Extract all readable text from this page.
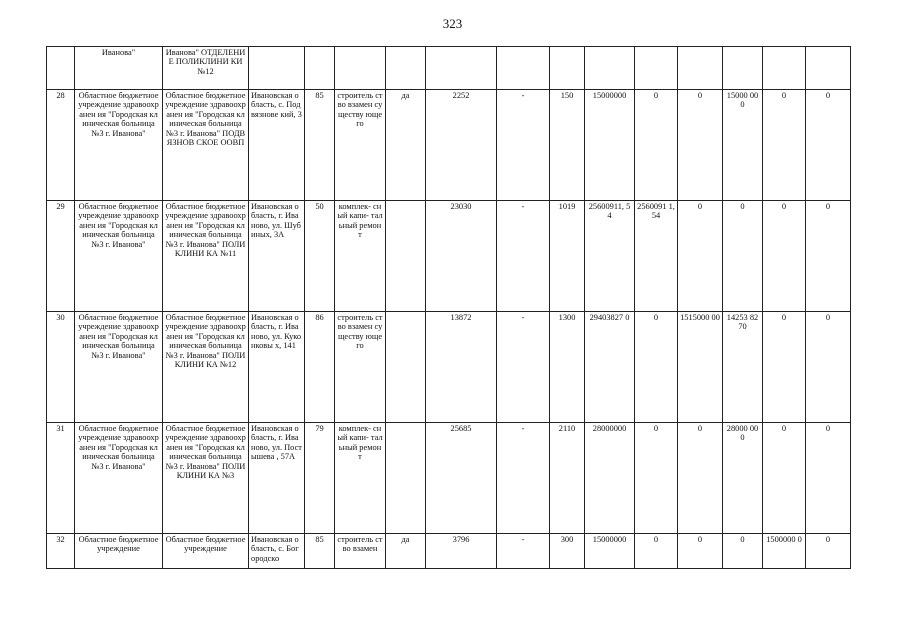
323
	Иванова"	Иванова" ОТДЕЛЕНИЕ ПОЛИКЛИНИ КИ №12													
28	Областное бюджетное учреждение здравоохранен ия "Городская клиническая больница №3 г. Иванова"	Областное бюджетное учреждение здравоохранен ия "Городская клиническая больница №3 г. Иванова" ПОДВЯЗНОВ СКОЕ ООВП	Ивановская область, с. Подвязнове кий, 3	85	строитель ство взамен существу ющего	да	2252	-	150	15000000	0	0	15000 000	0	0
29	Областное бюджетное учреждение здравоохранен ия "Городская клиническая больница №3 г. Иванова"	Областное бюджетное учреждение здравоохранен ия "Городская клиническая больница №3 г. Иванова" ПОЛИКЛИНИ КА №11	Ивановская область, г. Иваново, ул. Шубиных, 3А	50	комплек- сный капи- тальный ремонт		23030	-	1019	25600911, 54	2560091 1,54	0	0	0	0
30	Областное бюджетное учреждение здравоохранен ия "Городская клиническая больница №3 г. Иванова"	Областное бюджетное учреждение здравоохранен ия "Городская клиническая больница №3 г. Иванова" ПОЛИКЛИНИ КА №12	Ивановская область, г. Иваново, ул. Куконковы х, 141	86	строитель ство взамен существу ющего		13872	-	1300	29403827 0	0	1515000 00	14253 8270	0	0
31	Областное бюджетное учреждение здравоохранен ия "Городская клиническая больница №3 г. Иванова"	Областное бюджетное учреждение здравоохранен ия "Городская клиническая больница №3 г. Иванова" ПОЛИКЛИНИ КА №3	Ивановская область, г. Иваново, ул. Постышева , 57А	79	комплек- сный капи- тальный ремонт		25685	-	2110	28000000	0	0	28000 000	0	0
32	Областное бюджетное учреждение	Областное бюджетное учреждение	Ивановская область, с. Богородско	85	строитель ство взамен	да	3796	-	300	15000000	0	0	0	1500000 0	0
